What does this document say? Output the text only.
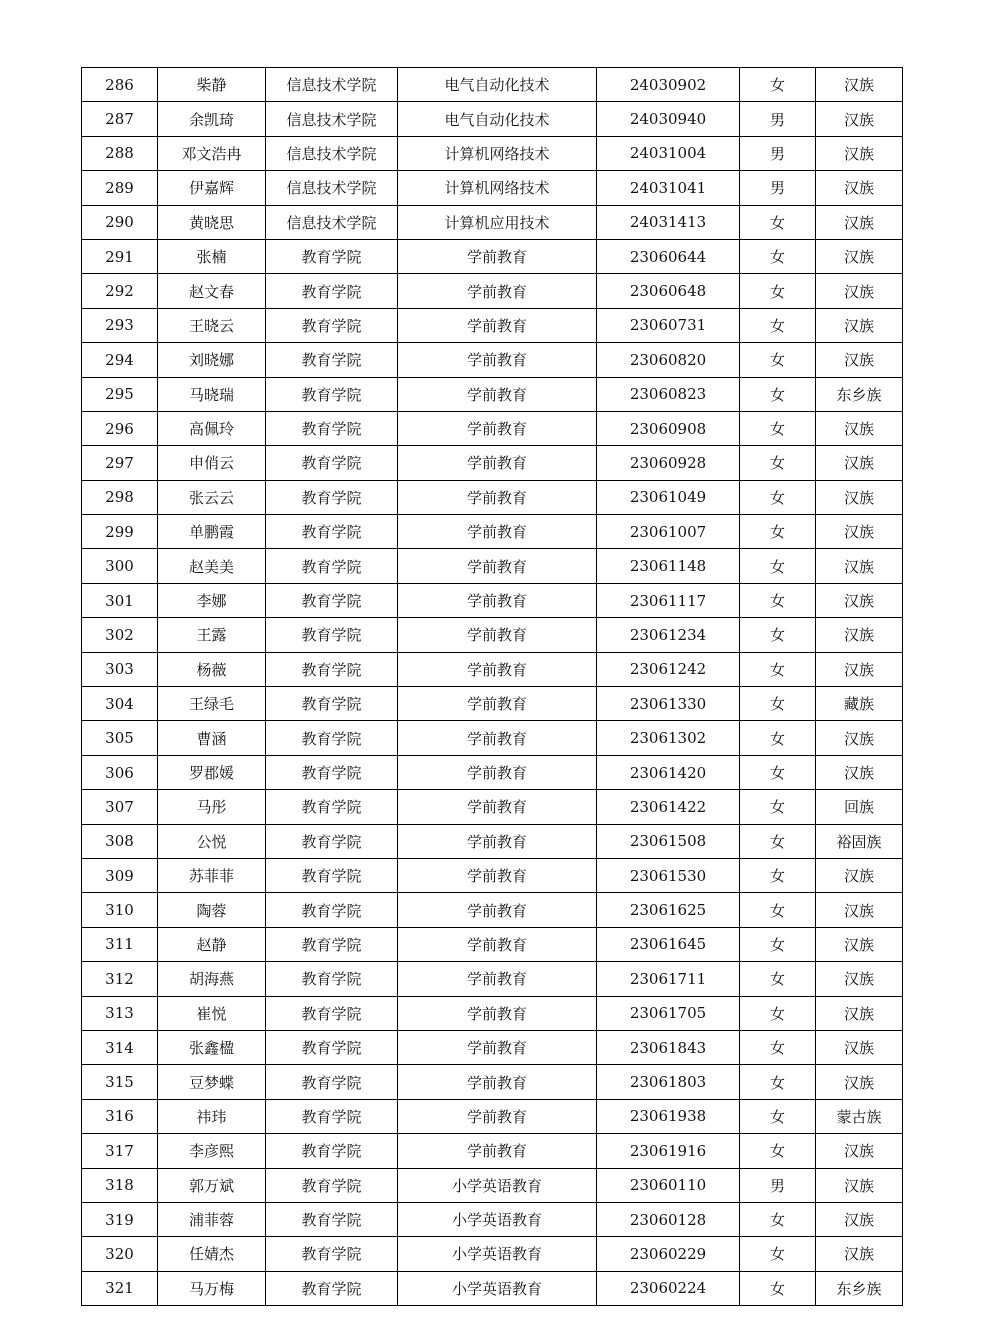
286	柴静	信息技术学院	电气自动化技术	24030902	女	汉族
287	余凯琦	信息技术学院	电气自动化技术	24030940	男	汉族
288	邓文浩冉	信息技术学院	计算机网络技术	24031004	男	汉族
289	伊嘉辉	信息技术学院	计算机网络技术	24031041	男	汉族
290	黄晓思	信息技术学院	计算机应用技术	24031413	女	汉族
291	张楠	教育学院	学前教育	23060644	女	汉族
292	赵文春	教育学院	学前教育	23060648	女	汉族
293	王晓云	教育学院	学前教育	23060731	女	汉族
294	刘晓娜	教育学院	学前教育	23060820	女	汉族
295	马晓瑞	教育学院	学前教育	23060823	女	东乡族
296	高佩玲	教育学院	学前教育	23060908	女	汉族
297	申俏云	教育学院	学前教育	23060928	女	汉族
298	张云云	教育学院	学前教育	23061049	女	汉族
299	单鹏霞	教育学院	学前教育	23061007	女	汉族
300	赵美美	教育学院	学前教育	23061148	女	汉族
301	李娜	教育学院	学前教育	23061117	女	汉族
302	王露	教育学院	学前教育	23061234	女	汉族
303	杨薇	教育学院	学前教育	23061242	女	汉族
304	王绿毛	教育学院	学前教育	23061330	女	藏族
305	曹涵	教育学院	学前教育	23061302	女	汉族
306	罗郡媛	教育学院	学前教育	23061420	女	汉族
307	马彤	教育学院	学前教育	23061422	女	回族
308	公悦	教育学院	学前教育	23061508	女	裕固族
309	苏菲菲	教育学院	学前教育	23061530	女	汉族
310	陶蓉	教育学院	学前教育	23061625	女	汉族
311	赵静	教育学院	学前教育	23061645	女	汉族
312	胡海燕	教育学院	学前教育	23061711	女	汉族
313	崔悦	教育学院	学前教育	23061705	女	汉族
314	张鑫楹	教育学院	学前教育	23061843	女	汉族
315	豆梦蝶	教育学院	学前教育	23061803	女	汉族
316	祎玮	教育学院	学前教育	23061938	女	蒙古族
317	李彦熙	教育学院	学前教育	23061916	女	汉族
318	郭万斌	教育学院	小学英语教育	23060110	男	汉族
319	浦菲蓉	教育学院	小学英语教育	23060128	女	汉族
320	任婧杰	教育学院	小学英语教育	23060229	女	汉族
321	马万梅	教育学院	小学英语教育	23060224	女	东乡族
